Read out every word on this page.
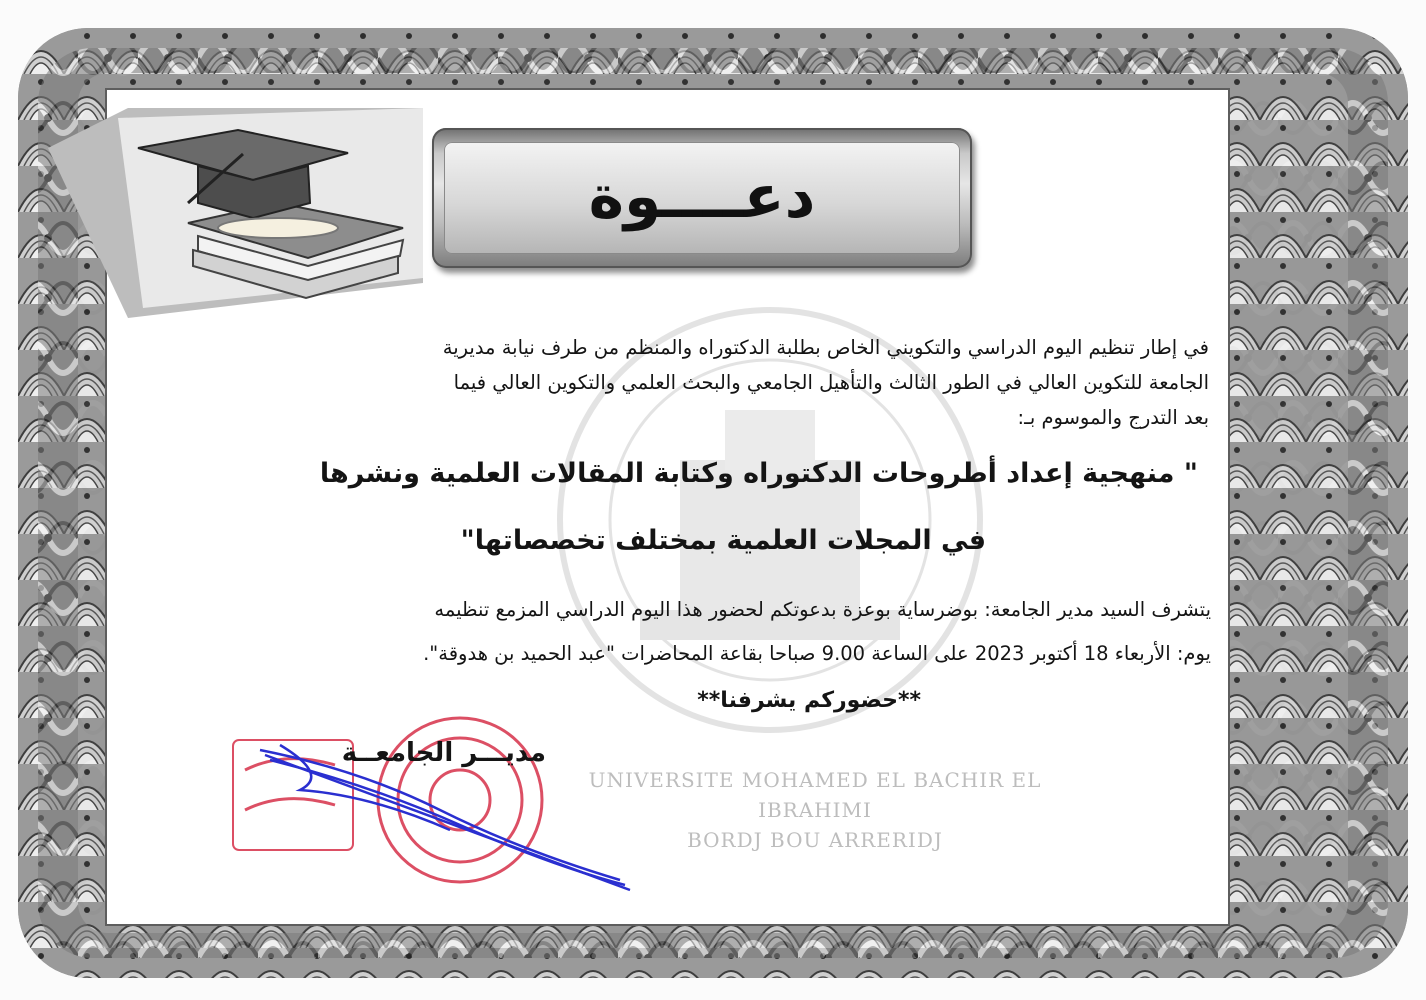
UNIVERSITE MOHAMED EL BACHIR EL IBRAHIMI
BORDJ BOU ARRERIDJ
دعــــوة
في إطار تنظيم اليوم الدراسي والتكويني الخاص بطلبة الدكتوراه والمنظم من طرف نيابة مديرية
الجامعة للتكوين العالي في الطور الثالث والتأهيل الجامعي والبحث العلمي والتكوين العالي فيما
بعد التدرج والموسوم بـ:
" منهجية إعداد أطروحات الدكتوراه وكتابة المقالات العلمية ونشرها
في المجلات العلمية بمختلف تخصصاتها"
يتشرف السيد مدير الجامعة: بوضرساية بوعزة بدعوتكم لحضور هذا اليوم الدراسي المزمع تنظيمه
يوم: الأربعاء 18 أكتوبر 2023 على الساعة 9.00 صباحا بقاعة المحاضرات "عبد الحميد بن هدوقة".
**حضوركم يشرفنا**
مديـــر الجامعــة
